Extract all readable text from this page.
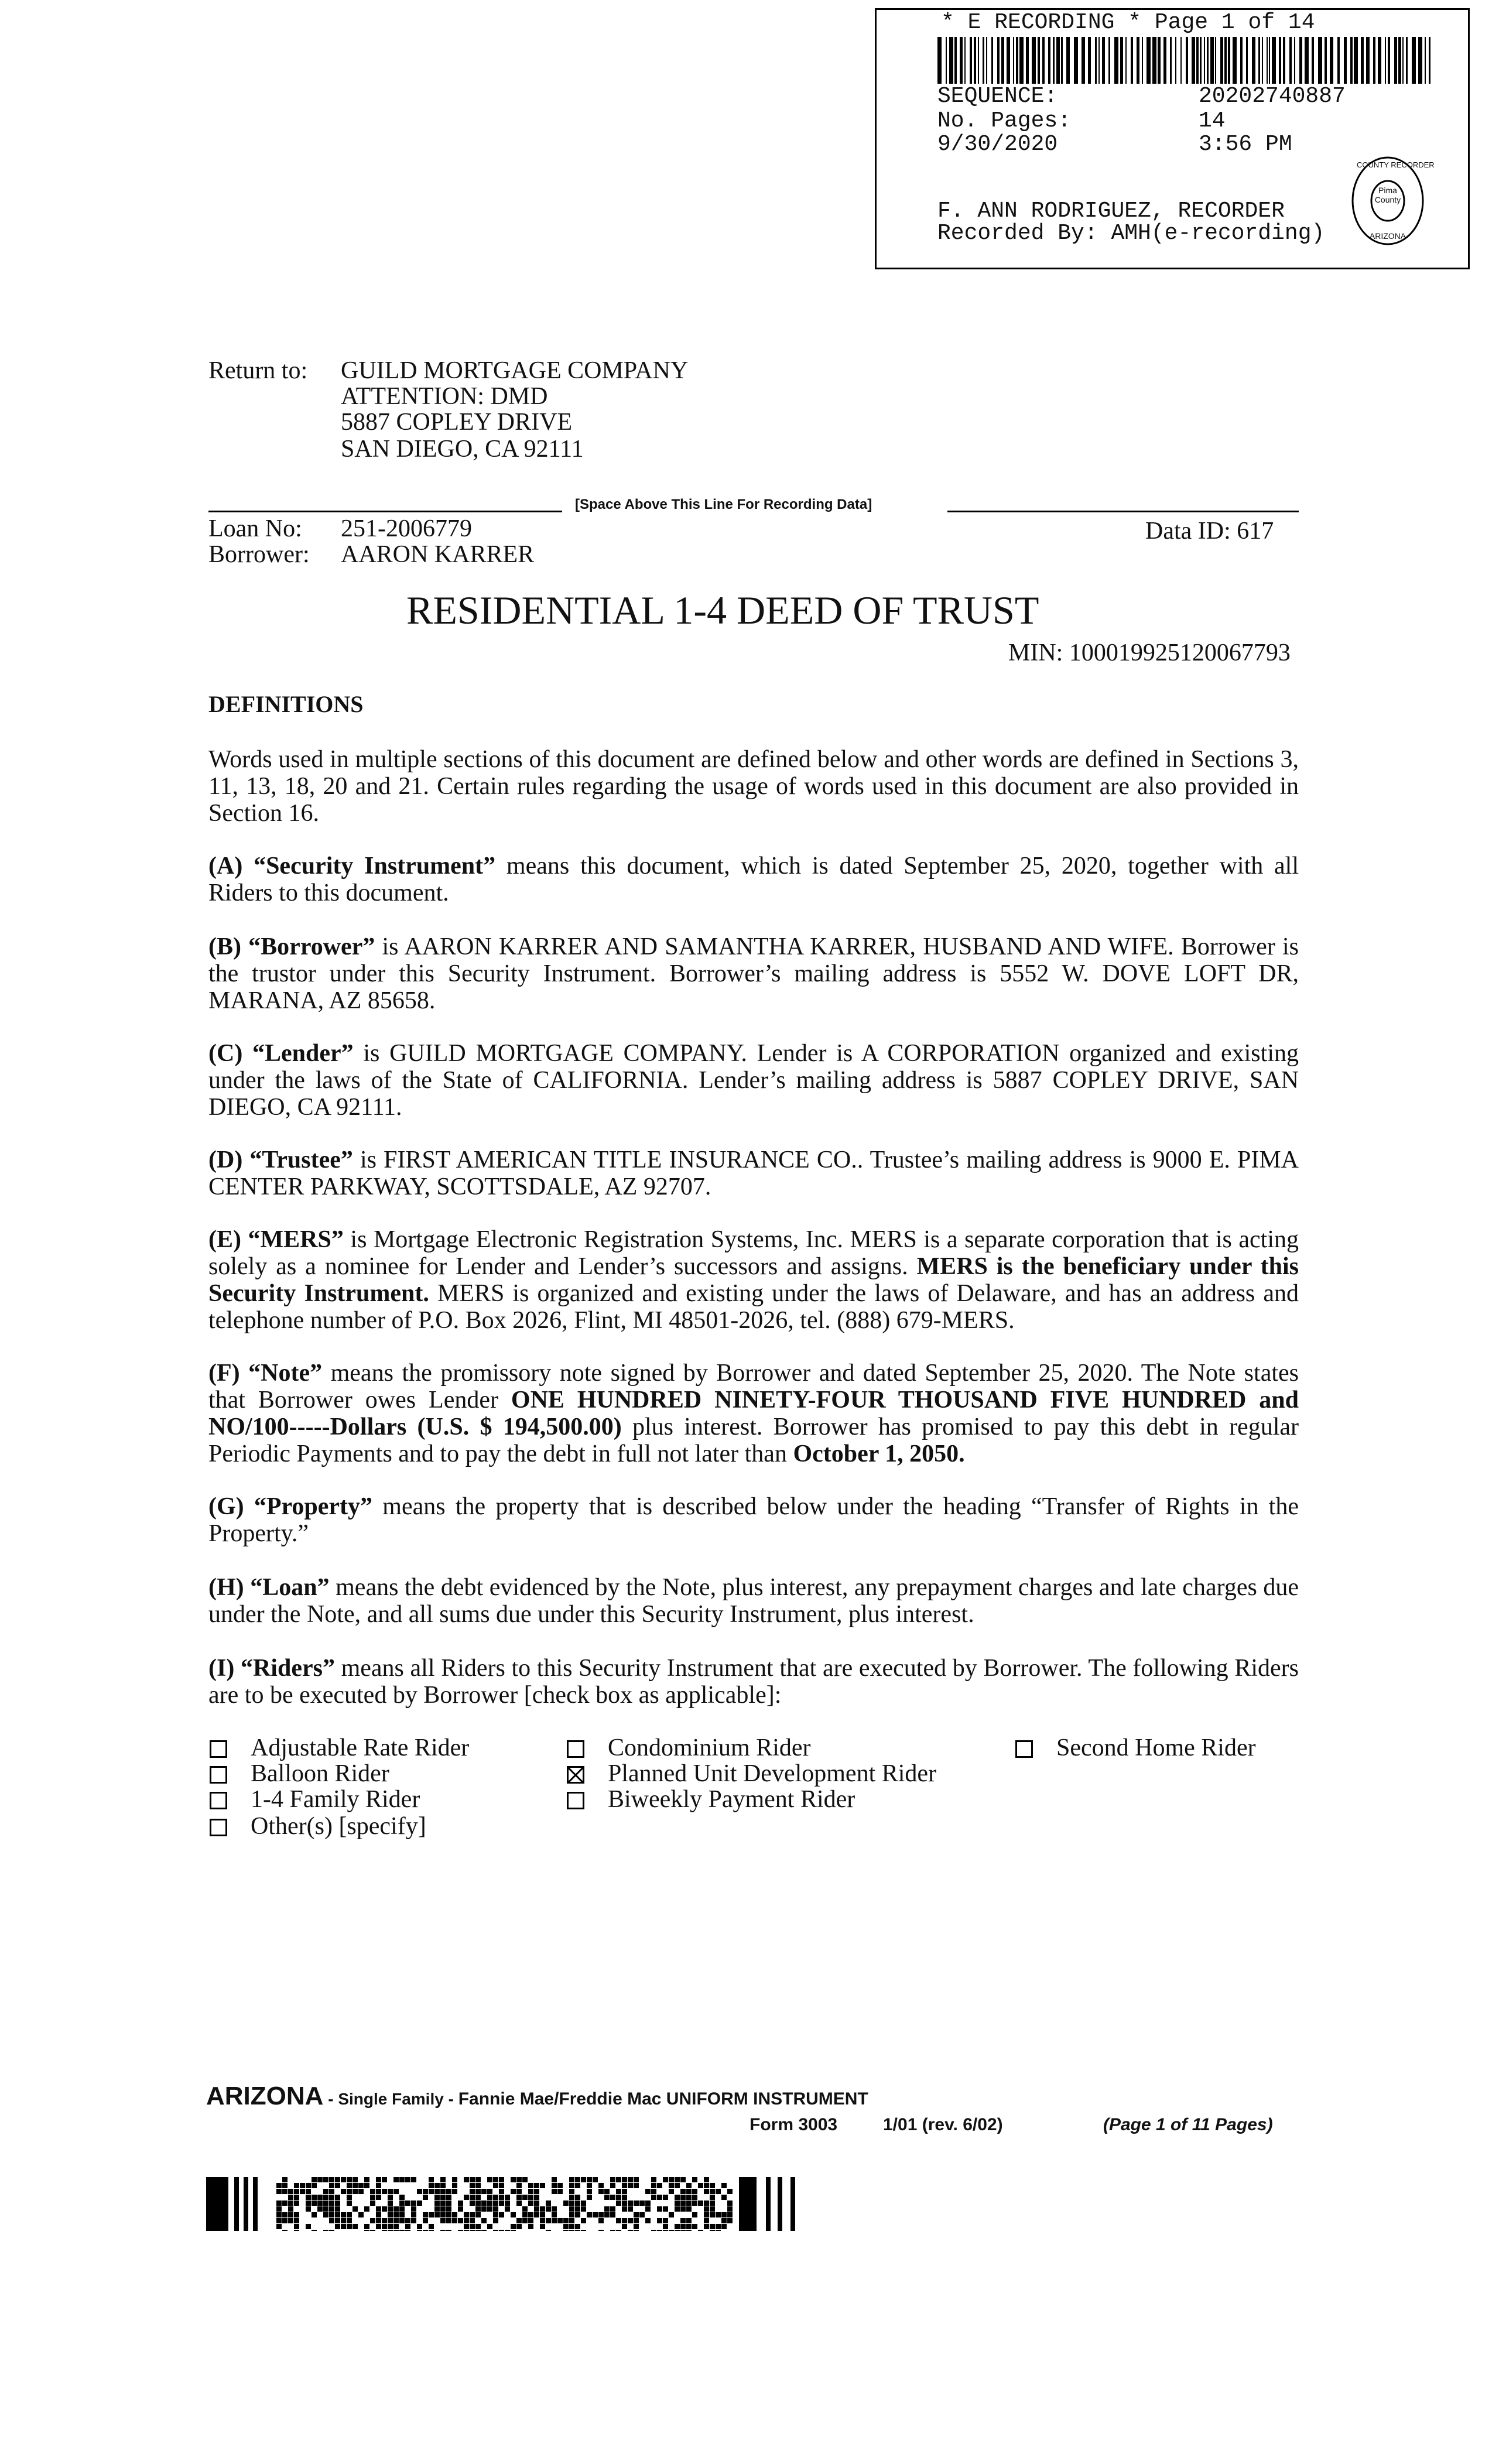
* E RECORDING * Page 1 of 14
SEQUENCE:	20202740887
No. Pages:	14
9/30/2020	3:56 PM
F. ANN RODRIGUEZ, RECORDER
Recorded By: AMH(e-recording)
Pima County
COUNTY RECORDER
ARIZONA
Return to: GUILD MORTGAGE COMPANY
ATTENTION: DMD
5887 COPLEY DRIVE
SAN DIEGO, CA 92111
[Space Above This Line For Recording Data]
Loan No: 251-2006779
Borrower: AARON KARRER
Data ID: 617
RESIDENTIAL 1-4 DEED OF TRUST
MIN: 100019925120067793
DEFINITIONS
Words used in multiple sections of this document are defined below and other words are defined in Sections 3, 11, 13, 18, 20 and 21. Certain rules regarding the usage of words used in this document are also provided in Section 16.
(A) “Security Instrument” means this document, which is dated September 25, 2020, together with all Riders to this document.
(B) “Borrower” is AARON KARRER AND SAMANTHA KARRER, HUSBAND AND WIFE. Borrower is the trustor under this Security Instrument. Borrower’s mailing address is 5552 W. DOVE LOFT DR, MARANA, AZ 85658.
(C) “Lender” is GUILD MORTGAGE COMPANY. Lender is A CORPORATION organized and existing under the laws of the State of CALIFORNIA. Lender’s mailing address is 5887 COPLEY DRIVE, SAN DIEGO, CA 92111.
(D) “Trustee” is FIRST AMERICAN TITLE INSURANCE CO.. Trustee’s mailing address is 9000 E. PIMA CENTER PARKWAY, SCOTTSDALE, AZ 92707.
(E) “MERS” is Mortgage Electronic Registration Systems, Inc. MERS is a separate corporation that is acting solely as a nominee for Lender and Lender’s successors and assigns. MERS is the beneficiary under this Security Instrument. MERS is organized and existing under the laws of Delaware, and has an address and telephone number of P.O. Box 2026, Flint, MI 48501-2026, tel. (888) 679-MERS.
(F) “Note” means the promissory note signed by Borrower and dated September 25, 2020. The Note states that Borrower owes Lender ONE HUNDRED NINETY-FOUR THOUSAND FIVE HUNDRED and NO/100-----Dollars (U.S. $ 194,500.00) plus interest. Borrower has promised to pay this debt in regular Periodic Payments and to pay the debt in full not later than October 1, 2050.
(G) “Property” means the property that is described below under the heading “Transfer of Rights in the Property.”
(H) “Loan” means the debt evidenced by the Note, plus interest, any prepayment charges and late charges due under the Note, and all sums due under this Security Instrument, plus interest.
(I) “Riders” means all Riders to this Security Instrument that are executed by Borrower. The following Riders are to be executed by Borrower [check box as applicable]:
Adjustable Rate Rider
Balloon Rider
1-4 Family Rider
Other(s) [specify]
Condominium Rider
Planned Unit Development Rider
Biweekly Payment Rider
Second Home Rider
ARIZONA - Single Family - Fannie Mae/Freddie Mac UNIFORM INSTRUMENT
Form 3003	1/01 (rev. 6/02)	(Page 1 of 11 Pages)
